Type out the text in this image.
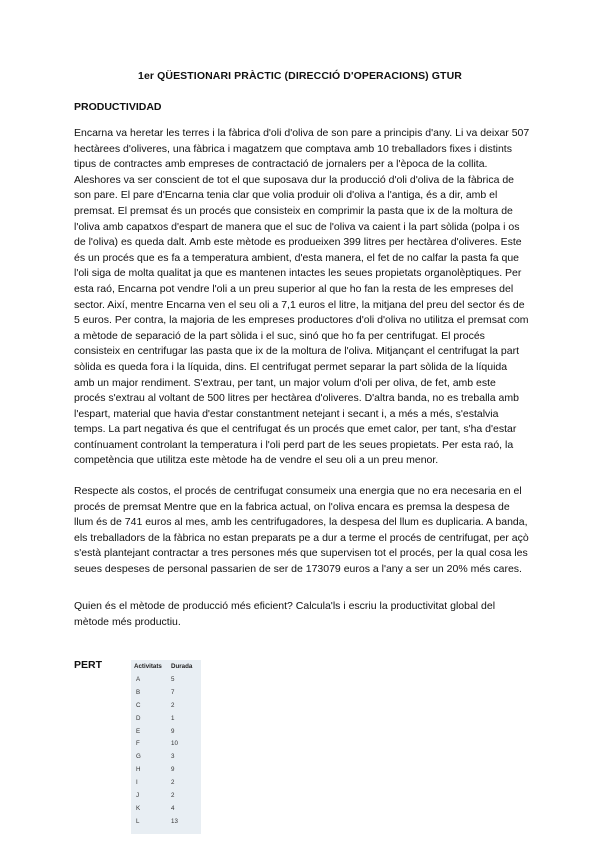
1er QÜESTIONARI PRÀCTIC (DIRECCIÓ D'OPERACIONS) GTUR
PRODUCTIVIDAD

Encarna va heretar les terres i la fàbrica d'oli d'oliva de son pare a principis d'any. Li va deixar 507 hectàrees d'oliveres, una fàbrica i magatzem que comptava amb 10 treballadors fixes i distints tipus de contractes amb empreses de contractació de jornalers per a l'època de la collita. Aleshores va ser conscient de tot el que suposava dur la producció d'oli d'oliva de la fàbrica de son pare. El pare d'Encarna tenia clar que volia produir oli d'oliva a l'antiga, és a dir, amb el premsat. El premsat és un procés que consisteix en comprimir la pasta que ix de la moltura de l'oliva amb capatxos d'espart de manera que el suc de l'oliva va caient i la part sòlida (polpa i os de l'oliva) es queda dalt. Amb este mètode es produeixen 399 litres per hectàrea d'oliveres. Este és un procés que es fa a temperatura ambient, d'esta manera, el fet de no calfar la pasta fa que l'oli siga de molta qualitat ja que es mantenen intactes les seues propietats organolèptiques. Per esta raó, Encarna pot vendre l'oli a un preu superior al que ho fan la resta de les empreses del sector. Així, mentre Encarna ven el seu oli a 7,1 euros el litre, la mitjana del preu del sector és de 5 euros. Per contra, la majoria de les empreses productores d'oli d'oliva no utilitza el premsat com a mètode de separació de la part sòlida i el suc, sinó que ho fa per centrifugat. El procés consisteix en centrifugar las pasta que ix de la moltura de l'oliva. Mitjançant el centrifugat la part sòlida es queda fora i la líquida, dins. El centrifugat permet separar la part sòlida de la líquida amb un major rendiment. S'extrau, per tant, un major volum d'oli per oliva, de fet, amb este procés s'extrau al voltant de 500 litres per hectàrea d'oliveres. D'altra banda, no es treballa amb l'espart, material que havia d'estar constantment netejant i secant i, a més a més, s'estalvia temps. La part negativa és que el centrifugat és un procés que emet calor, per tant, s'ha d'estar contínuament controlant la temperatura i l'oli perd part de les seues propietats. Per esta raó, la competència que utilitza este mètode ha de vendre el seu oli a un preu menor.

Respecte als costos, el procés de centrifugat consumeix una energia que no era necesaria en el procés de premsat Mentre que en la fabrica actual, on l'oliva encara es premsa la despesa de llum és de 741 euros al mes, amb les centrifugadores, la despesa del llum es duplicaria. A banda, els treballadors de la fàbrica no estan preparats pe a dur a terme el procés de centrifugat, per açò s'està plantejant contractar a tres persones més que supervisen tot el procés, per la qual cosa les seues despeses de personal passarien de ser de 173079 euros a l'any a ser un 20% més cares.

Quien és el mètode de producció més eficient? Calcula'ls i escriu la productivitat global del mètode més productiu.

PERT	Activitats	Durada
A	5
B	7
C	2
D	1
E	9
F	10
G	3
H	9
I	2
J	2
K	4
L	13
